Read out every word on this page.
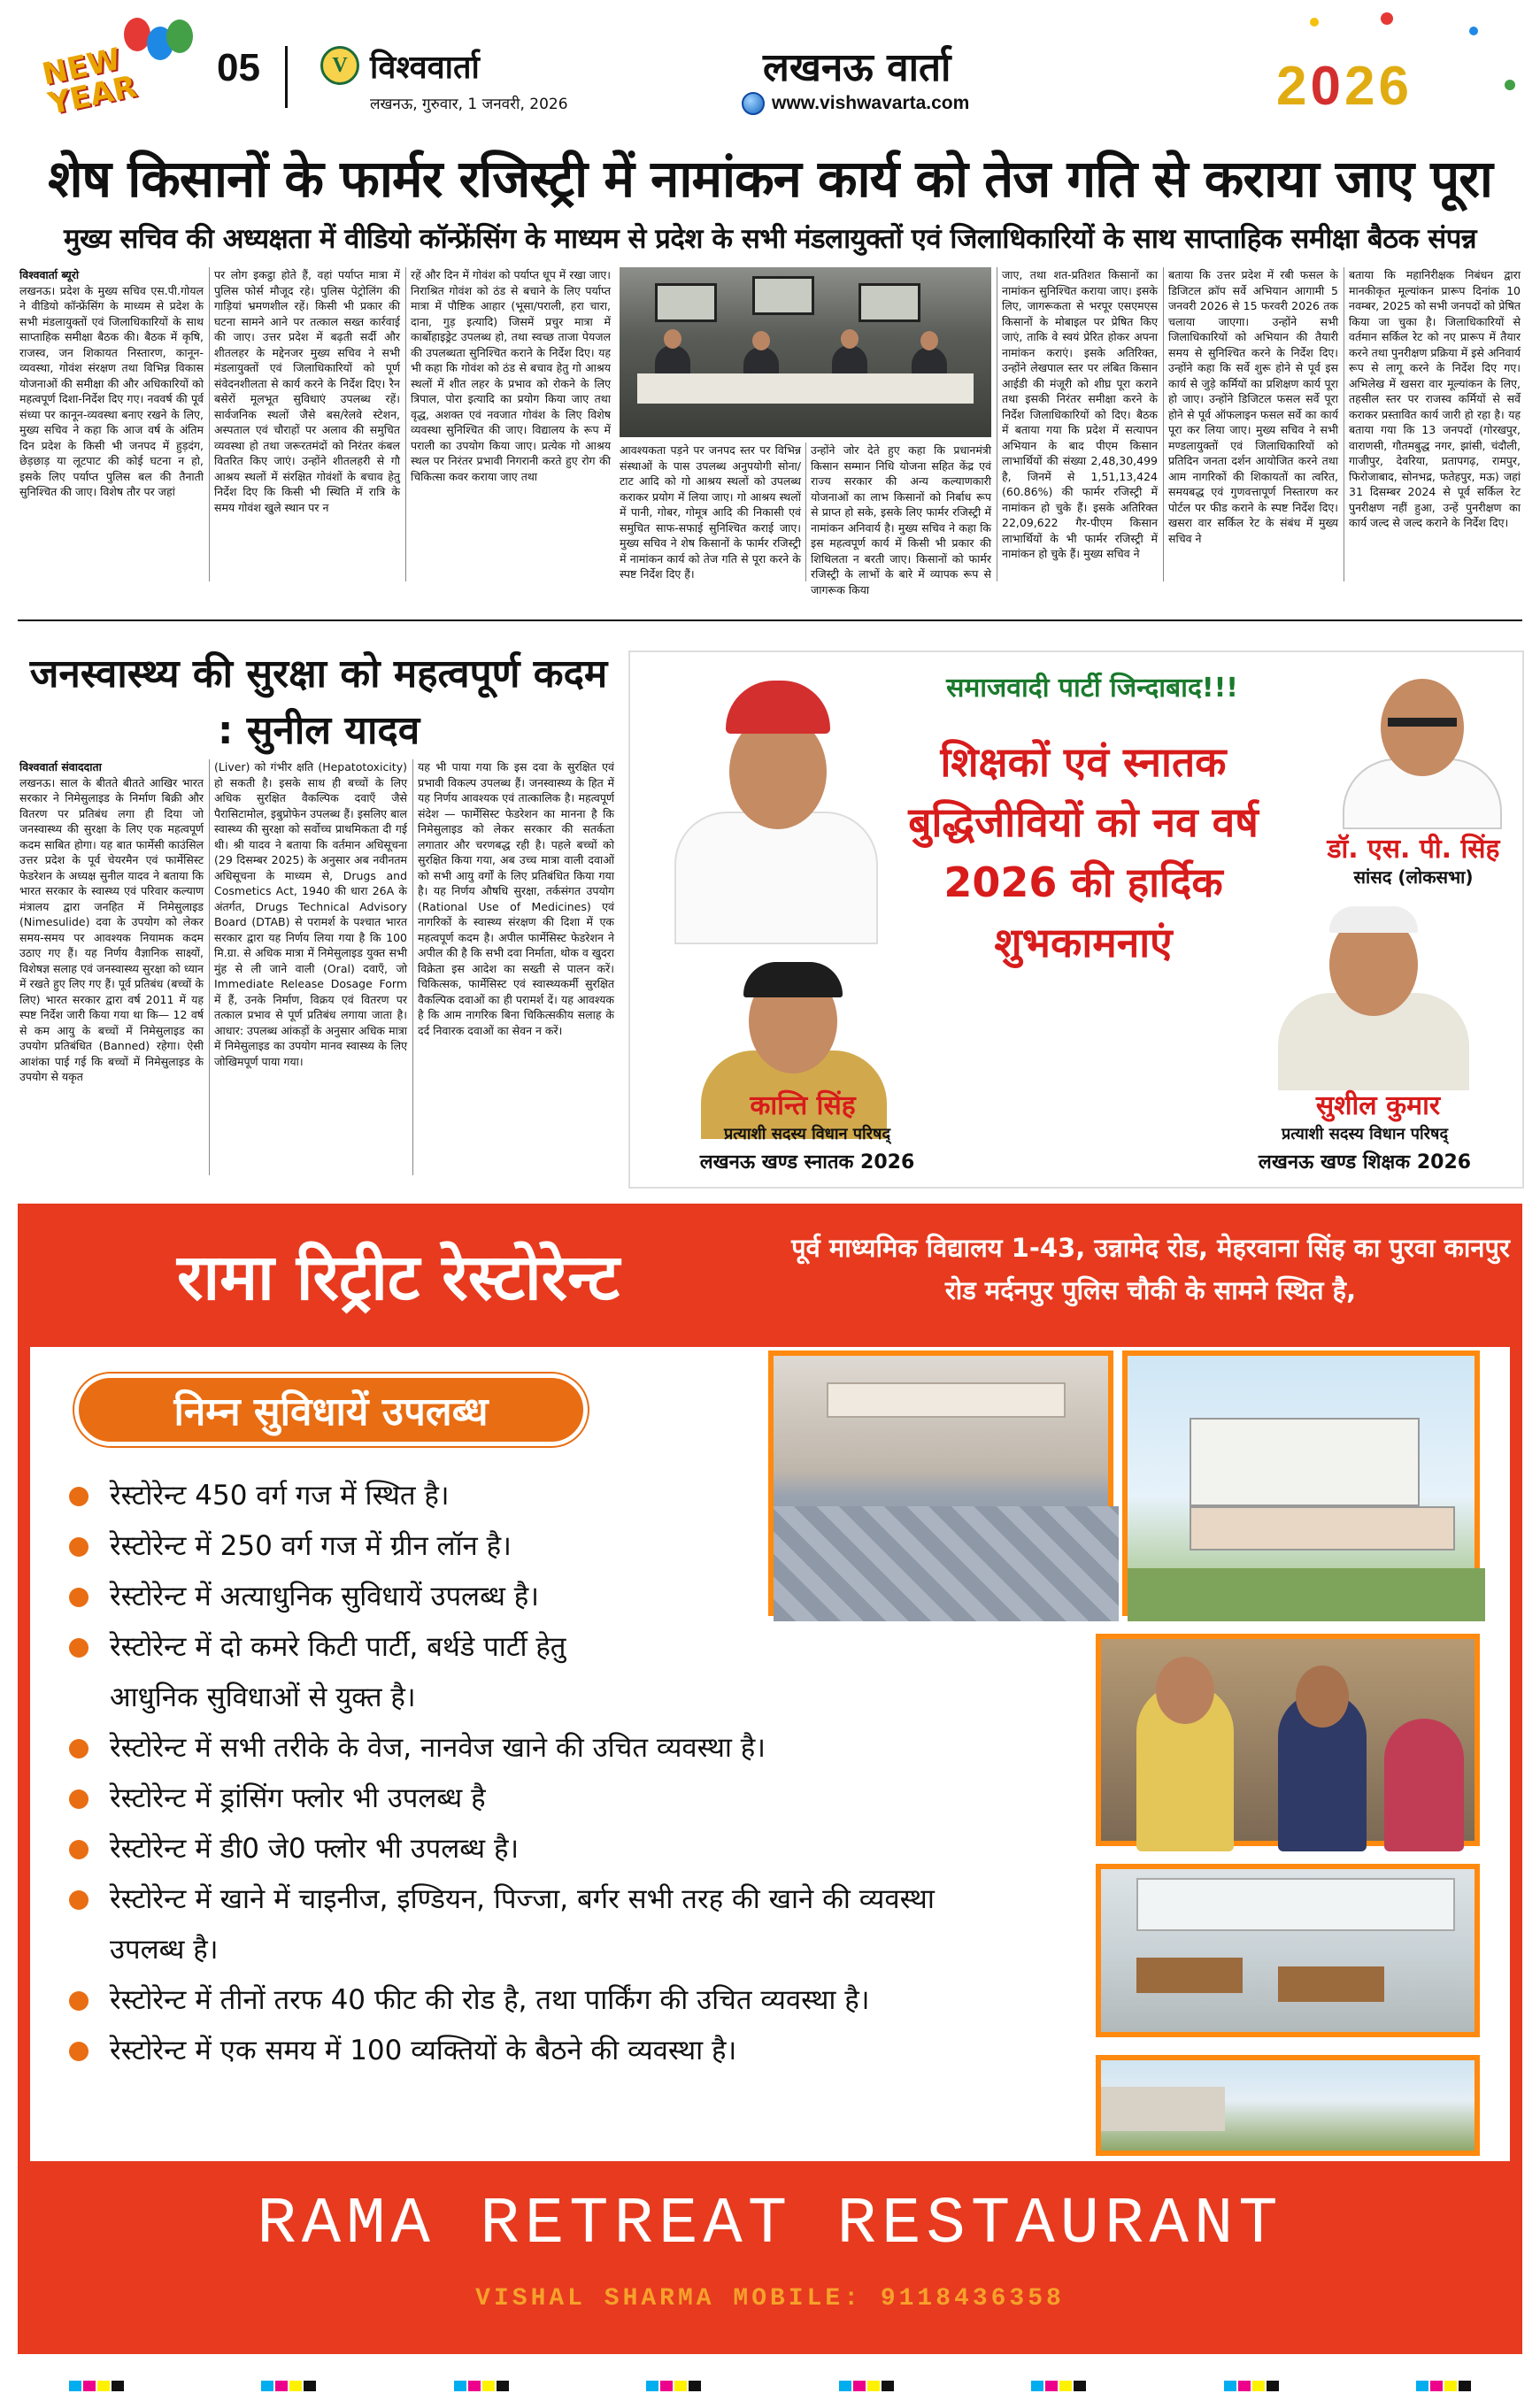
NEW YEAR
05	V विश्ववार्ता
लखनऊ, गुरुवार, 1 जनवरी, 2026
लखनऊ वार्ता
www.vishwavarta.com	2026
शेष किसानों के फार्मर रजिस्ट्री में नामांकन कार्य को तेज गति से कराया जाए पूरा
मुख्य सचिव की अध्यक्षता में वीडियो कॉन्फ्रेंसिंग के माध्यम से प्रदेश के सभी मंडलायुक्तों एवं जिलाधिकारियों के साथ साप्ताहिक समीक्षा बैठक संपन्न
विश्ववार्ता ब्यूरो
लखनऊ। प्रदेश के मुख्य सचिव एस.पी.गोयल ने वीडियो कॉन्फ्रेंसिंग के माध्यम से प्रदेश के सभी मंडलायुक्तों एवं जिलाधिकारियों के साथ साप्ताहिक समीक्षा बैठक की। बैठक में कृषि, राजस्व, जन शिकायत निस्तारण, कानून-व्यवस्था, गोवंश संरक्षण तथा विभिन्न विकास योजनाओं की समीक्षा की और अधिकारियों को महत्वपूर्ण दिशा-निर्देश दिए गए। नववर्ष की पूर्व संध्या पर कानून-व्यवस्था बनाए रखने के लिए, मुख्य सचिव ने कहा कि आज वर्ष के अंतिम दिन प्रदेश के किसी भी जनपद में हुड़दंग, छेड़छाड़ या लूटपाट की कोई घटना न हो, इसके लिए पर्याप्त पुलिस बल की तैनाती सुनिश्चित की जाए। विशेष तौर पर जहां
पर लोग इकट्ठा होते हैं, वहां पर्याप्त मात्रा में पुलिस फोर्स मौजूद रहे। पुलिस पेट्रोलिंग की गाड़ियां भ्रमणशील रहें। किसी भी प्रकार की घटना सामने आने पर तत्काल सख्त कार्रवाई की जाए। उत्तर प्रदेश में बढ़ती सर्दी और शीतलहर के मद्देनजर मुख्य सचिव ने सभी मंडलायुक्तों एवं जिलाधिकारियों को पूर्ण संवेदनशीलता से कार्य करने के निर्देश दिए। रैन बसेरों मूलभूत सुविधाएं उपलब्ध रहें। सार्वजनिक स्थलों जैसे बस/रेलवे स्टेशन, अस्पताल एवं चौराहों पर अलाव की समुचित व्यवस्था हो तथा जरूरतमंदों को निरंतर कंबल वितरित किए जाएं। उन्होंने शीतलहरी से गौ आश्रय स्थलों में संरक्षित गोवंशों के बचाव हेतु निर्देश दिए कि किसी भी स्थिति में रात्रि के समय गोवंश खुले स्थान पर न
रहें और दिन में गोवंश को पर्याप्त धूप में रखा जाए। निराश्रित गोवंश को ठंड से बचाने के लिए पर्याप्त मात्रा में पौष्टिक आहार (भूसा/पराली, हरा चारा, दाना, गुड़ इत्यादि) जिसमें प्रचुर मात्रा में कार्बोहाइड्रेट उपलब्ध हो, तथा स्वच्छ ताजा पेयजल की उपलब्धता सुनिश्चित कराने के निर्देश दिए। यह भी कहा कि गोवंश को ठंड से बचाव हेतु गो आश्रय स्थलों में शीत लहर के प्रभाव को रोकने के लिए त्रिपाल, पोरा इत्यादि का प्रयोग किया जाए तथा वृद्ध, अशक्त एवं नवजात गोवंश के लिए विशेष व्यवस्था सुनिश्चित की जाए। विद्यालय के रूप में पराली का उपयोग किया जाए। प्रत्येक गो आश्रय स्थल पर निरंतर प्रभावी निगरानी करते हुए रोग की चिकित्सा कवर कराया जाए तथा
आवश्यकता पड़ने पर जनपद स्तर पर विभिन्न संस्थाओं के पास उपलब्ध अनुपयोगी सोना/टाट आदि को गो आश्रय स्थलों को उपलब्ध कराकर प्रयोग में लिया जाए। गो आश्रय स्थलों में पानी, गोबर, गोमूत्र आदि की निकासी एवं समुचित साफ-सफाई सुनिश्चित कराई जाए। मुख्य सचिव ने शेष किसानों के फार्मर रजिस्ट्री में नामांकन कार्य को तेज गति से पूरा करने के स्पष्ट निर्देश दिए हैं।
उन्होंने जोर देते हुए कहा कि प्रधानमंत्री किसान सम्मान निधि योजना सहित केंद्र एवं राज्य सरकार की अन्य कल्याणकारी योजनाओं का लाभ किसानों को निर्बाध रूप से प्राप्त हो सके, इसके लिए फार्मर रजिस्ट्री में नामांकन अनिवार्य है। मुख्य सचिव ने कहा कि इस महत्वपूर्ण कार्य में किसी भी प्रकार की शिथिलता न बरती जाए। किसानों को फार्मर रजिस्ट्री के लाभों के बारे में व्यापक रूप से जागरूक किया
जाए, तथा शत-प्रतिशत किसानों का नामांकन सुनिश्चित कराया जाए। इसके लिए, जागरूकता से भरपूर एसएमएस किसानों के मोबाइल पर प्रेषित किए जाएं, ताकि वे स्वयं प्रेरित होकर अपना नामांकन कराएं। इसके अतिरिक्त, उन्होंने लेखपाल स्तर पर लंबित किसान आईडी की मंजूरी को शीघ्र पूरा कराने तथा इसकी निरंतर समीक्षा करने के निर्देश जिलाधिकारियों को दिए। बैठक में बताया गया कि प्रदेश में सत्यापन अभियान के बाद पीएम किसान लाभार्थियों की संख्या 2,48,30,499 है, जिनमें से 1,51,13,424 (60.86%) की फार्मर रजिस्ट्री में नामांकन हो चुके हैं। इसके अतिरिक्त 22,09,622 गैर-पीएम किसान लाभार्थियों के भी फार्मर रजिस्ट्री में नामांकन हो चुके हैं। मुख्य सचिव ने
बताया कि उत्तर प्रदेश में रबी फसल के डिजिटल क्रॉप सर्वे अभियान आगामी 5 जनवरी 2026 से 15 फरवरी 2026 तक चलाया जाएगा। उन्होंने सभी जिलाधिकारियों को अभियान की तैयारी समय से सुनिश्चित करने के निर्देश दिए। उन्होंने कहा कि सर्वे शुरू होने से पूर्व इस कार्य से जुड़े कर्मियों का प्रशिक्षण कार्य पूरा हो जाए। उन्होंने डिजिटल फसल सर्वे पूरा होने से पूर्व ऑफलाइन फसल सर्वे का कार्य पूरा कर लिया जाए। मुख्य सचिव ने सभी मण्डलायुक्तों एवं जिलाधिकारियों को प्रतिदिन जनता दर्शन आयोजित करने तथा आम नागरिकों की शिकायतों का त्वरित, समयबद्ध एवं गुणवत्तापूर्ण निस्तारण कर पोर्टल पर फीड कराने के स्पष्ट निर्देश दिए। खसरा वार सर्किल रेट के संबंध में मुख्य सचिव ने
बताया कि महानिरीक्षक निबंधन द्वारा मानकीकृत मूल्यांकन प्रारूप दिनांक 10 नवम्बर, 2025 को सभी जनपदों को प्रेषित किया जा चुका है। जिलाधिकारियों से वर्तमान सर्किल रेट को नए प्रारूप में तैयार करने तथा पुनरीक्षण प्रक्रिया में इसे अनिवार्य रूप से लागू करने के निर्देश दिए गए। अभिलेख में खसरा वार मूल्यांकन के लिए, तहसील स्तर पर राजस्व कर्मियों से सर्वे कराकर प्रस्तावित कार्य जारी हो रहा है। यह बताया गया कि 13 जनपदों (गोरखपुर, वाराणसी, गौतमबुद्ध नगर, झांसी, चंदौली, गाजीपुर, देवरिया, प्रतापगढ़, रामपुर, फिरोजाबाद, सोनभद्र, फतेहपुर, मऊ) जहां 31 दिसम्बर 2024 से पूर्व सर्किल रेट पुनरीक्षण नहीं हुआ, उन्हें पुनरीक्षण का कार्य जल्द से जल्द कराने के निर्देश दिए।
जनस्वास्थ्य की सुरक्षा को महत्वपूर्ण कदम : सुनील यादव
विश्ववार्ता संवाददाता
लखनऊ। साल के बीतते बीतते आखिर भारत सरकार ने निमेसुलाइड के निर्माण बिक्री और वितरण पर प्रतिबंध लगा ही दिया जो जनस्वास्थ्य की सुरक्षा के लिए एक महत्वपूर्ण कदम साबित होगा। यह बात फार्मेसी काउंसिल उत्तर प्रदेश के पूर्व चेयरमैन एवं फार्मेसिस्ट फेडरेशन के अध्यक्ष सुनील यादव ने बताया कि भारत सरकार के स्वास्थ्य एवं परिवार कल्याण मंत्रालय द्वारा जनहित में निमेसुलाइड (Nimesulide) दवा के उपयोग को लेकर समय-समय पर आवश्यक नियामक कदम उठाए गए हैं। यह निर्णय वैज्ञानिक साक्ष्यों, विशेषज्ञ सलाह एवं जनस्वास्थ्य सुरक्षा को ध्यान में रखते हुए लिए गए हैं। पूर्व प्रतिबंध (बच्चों के लिए) भारत सरकार द्वारा वर्ष 2011 में यह स्पष्ट निर्देश जारी किया गया था कि— 12 वर्ष से कम आयु के बच्चों में निमेसुलाइड का उपयोग प्रतिबंधित (Banned) रहेगा। ऐसी आशंका पाई गई कि बच्चों में निमेसुलाइड के उपयोग से यकृत
(Liver) को गंभीर क्षति (Hepatotoxicity) हो सकती है। इसके साथ ही बच्चों के लिए अधिक सुरक्षित वैकल्पिक दवाएँ जैसे पैरासिटामोल, इबुप्रोफेन उपलब्ध हैं। इसलिए बाल स्वास्थ्य की सुरक्षा को सर्वोच्च प्राथमिकता दी गई थी। श्री यादव ने बताया कि वर्तमान अधिसूचना (29 दिसम्बर 2025) के अनुसार अब नवीनतम अधिसूचना के माध्यम से, Drugs and Cosmetics Act, 1940 की धारा 26A के अंतर्गत, Drugs Technical Advisory Board (DTAB) से परामर्श के पश्चात भारत सरकार द्वारा यह निर्णय लिया गया है कि 100 मि.ग्रा. से अधिक मात्रा में निमेसुलाइड युक्त सभी मुंह से ली जाने वाली (Oral) दवाएँ, जो Immediate Release Dosage Form में हैं, उनके निर्माण, विक्रय एवं वितरण पर तत्काल प्रभाव से पूर्ण प्रतिबंध लगाया जाता है। आधार: उपलब्ध आंकड़ों के अनुसार अधिक मात्रा में निमेसुलाइड का उपयोग मानव स्वास्थ्य के लिए जोखिमपूर्ण पाया गया।
यह भी पाया गया कि इस दवा के सुरक्षित एवं प्रभावी विकल्प उपलब्ध हैं। जनस्वास्थ्य के हित में यह निर्णय आवश्यक एवं तात्कालिक है। महत्वपूर्ण संदेश — फार्मेसिस्ट फेडरेशन का मानना है कि निमेसुलाइड को लेकर सरकार की सतर्कता लगातार और चरणबद्ध रही है। पहले बच्चों को सुरक्षित किया गया, अब उच्च मात्रा वाली दवाओं को सभी आयु वर्गों के लिए प्रतिबंधित किया गया है। यह निर्णय औषधि सुरक्षा, तर्कसंगत उपयोग (Rational Use of Medicines) एवं नागरिकों के स्वास्थ्य संरक्षण की दिशा में एक महत्वपूर्ण कदम है। अपील फार्मेसिस्ट फेडरेशन ने अपील की है कि सभी दवा निर्माता, थोक व खुदरा विक्रेता इस आदेश का सख्ती से पालन करें। चिकित्सक, फार्मेसिस्ट एवं स्वास्थ्यकर्मी सुरक्षित वैकल्पिक दवाओं का ही परामर्श दें। यह आवश्यक है कि आम नागरिक बिना चिकित्सकीय सलाह के दर्द निवारक दवाओं का सेवन न करें।
समाजवादी पार्टी जिन्दाबाद!!!
शिक्षकों एवं स्नातक बुद्धिजीवियों को नव वर्ष 2026 की हार्दिक शुभकामनाएं
डॉ. एस. पी. सिंह
सांसद (लोकसभा)
कान्ति सिंह
प्रत्याशी सदस्य विधान परिषद्
लखनऊ खण्ड स्नातक 2026
सुशील कुमार
प्रत्याशी सदस्य विधान परिषद्
लखनऊ खण्ड शिक्षक 2026
रामा रिट्रीट रेस्टोरेन्ट	पूर्व माध्यमिक विद्यालय 1-43, उन्नामेद रोड, मेहरवाना सिंह का पुरवा कानपुर रोड मर्दनपुर पुलिस चौकी के सामने स्थित है,
निम्न सुविधायें उपलब्ध
रेस्टोरेन्ट 450 वर्ग गज में स्थित है।
रेस्टोरेन्ट में 250 वर्ग गज में ग्रीन लॉन है।
रेस्टोरेन्ट में अत्याधुनिक सुविधायें उपलब्ध है।
रेस्टोरेन्ट में दो कमरे किटी पार्टी, बर्थडे पार्टी हेतु आधुनिक सुविधाओं से युक्त है।
रेस्टोरेन्ट में सभी तरीके के वेज, नानवेज खाने की उचित व्यवस्था है।
रेस्टोरेन्ट में ड्रांसिंग फ्लोर भी उपलब्ध है
रेस्टोरेन्ट में डी0 जे0 फ्लोर भी उपलब्ध है।
रेस्टोरेन्ट में खाने में चाइनीज, इण्डियन, पिज्जा, बर्गर सभी तरह की खाने की व्यवस्था उपलब्ध है।
रेस्टोरेन्ट में तीनों तरफ 40 फीट की रोड है, तथा पार्किंग की उचित व्यवस्था है।
रेस्टोरेन्ट में एक समय में 100 व्यक्तियों के बैठने की व्यवस्था है।
RAMA RETREAT RESTAURANT
VISHAL SHARMA MOBILE: 9118436358
